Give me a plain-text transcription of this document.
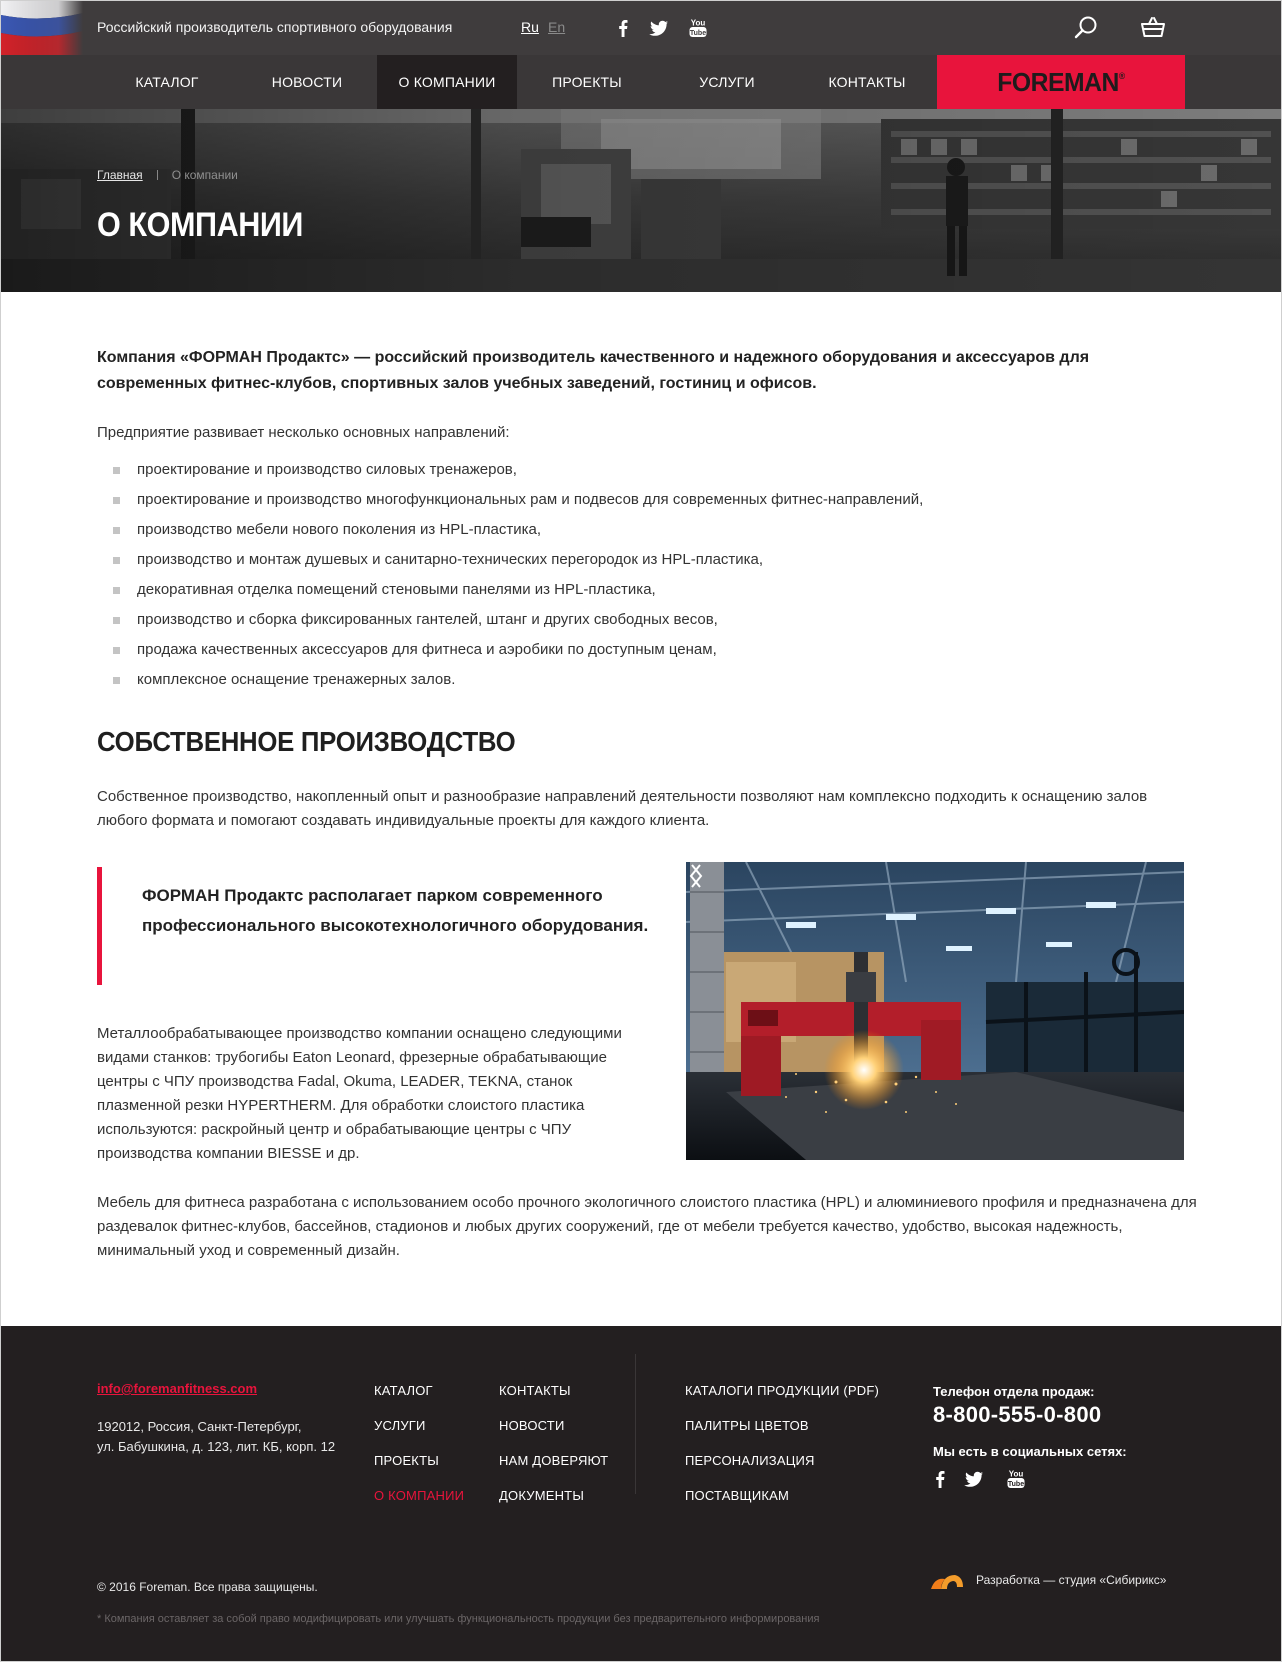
Российский производитель спортивного оборудования	Ru En	You
Tube
КАТАЛОГ	НОВОСТИ	О КОМПАНИИ	ПРОЕКТЫ	УСЛУГИ	КОНТАКТЫ	FOREMAN®
Главная О компании
О КОМПАНИИ

Компания «ФОРМАН Продактс» — российский производитель качественного и надежного оборудования и аксессуаров для современных фитнес-клубов, спортивных залов учебных заведений, гостиниц и офисов.

Предприятие развивает несколько основных направлений:

проектирование и производство силовых тренажеров,
проектирование и производство многофункциональных рам и подвесов для современных фитнес-направлений,
производство мебели нового поколения из HPL-пластика,
производство и монтаж душевых и санитарно-технических перегородок из HPL-пластика,
декоративная отделка помещений стеновыми панелями из HPL-пластика,
производство и сборка фиксированных гантелей, штанг и других свободных весов,
продажа качественных аксессуаров для фитнеса и аэробики по доступным ценам,
комплексное оснащение тренажерных залов.
СОБСТВЕННОЕ ПРОИЗВОДСТВО

Собственное производство, накопленный опыт и разнообразие направлений деятельности позволяют нам комплексно подходить к оснащению залов любого формата и помогают создавать индивидуальные проекты для каждого клиента.

ФОРМАН Продактс располагает парком современного профессионального высокотехнологичного оборудования.

Металлообрабатывающее производство компании оснащено следующими видами станков: трубогибы Eaton Leonard, фрезерные обрабатывающие центры с ЧПУ производства Fadal, Okuma, LEADER, TEKNA, станок плазменной резки HYPERTHERM. Для обработки слоистого пластика используются: раскройный центр и обрабатывающие центры с ЧПУ производства компании BIESSE и др.

Мебель для фитнеса разработана с использованием особо прочного экологичного слоистого пластика (HPL) и алюминиевого профиля и предназначена для раздевалок фитнес-клубов, бассейнов, стадионов и любых других сооружений, где от мебели требуется качество, удобство, высокая надежность, минимальный уход и современный дизайн.

info@foremanfitness.com
192012, Россия, Санкт-Петербург,
ул. Бабушкина, д. 123, лит. КБ, корп. 12
КАТАЛОГ
УСЛУГИ
ПРОЕКТЫ
О КОМПАНИИ
КОНТАКТЫ
НОВОСТИ
НАМ ДОВЕРЯЮТ
ДОКУМЕНТЫ
КАТАЛОГИ ПРОДУКЦИИ (PDF)
ПАЛИТРЫ ЦВЕТОВ
ПЕРСОНАЛИЗАЦИЯ
ПОСТАВЩИКАМ
Телефон отдела продаж:
8-800-555-0-800
Мы есть в социальных сетях:
You
Tube
© 2016 Foreman. Все права защищены.	Разработка — студия «Сибирикс»
* Компания оставляет за собой право модифицировать или улучшать функциональность продукции без предварительного информирования
